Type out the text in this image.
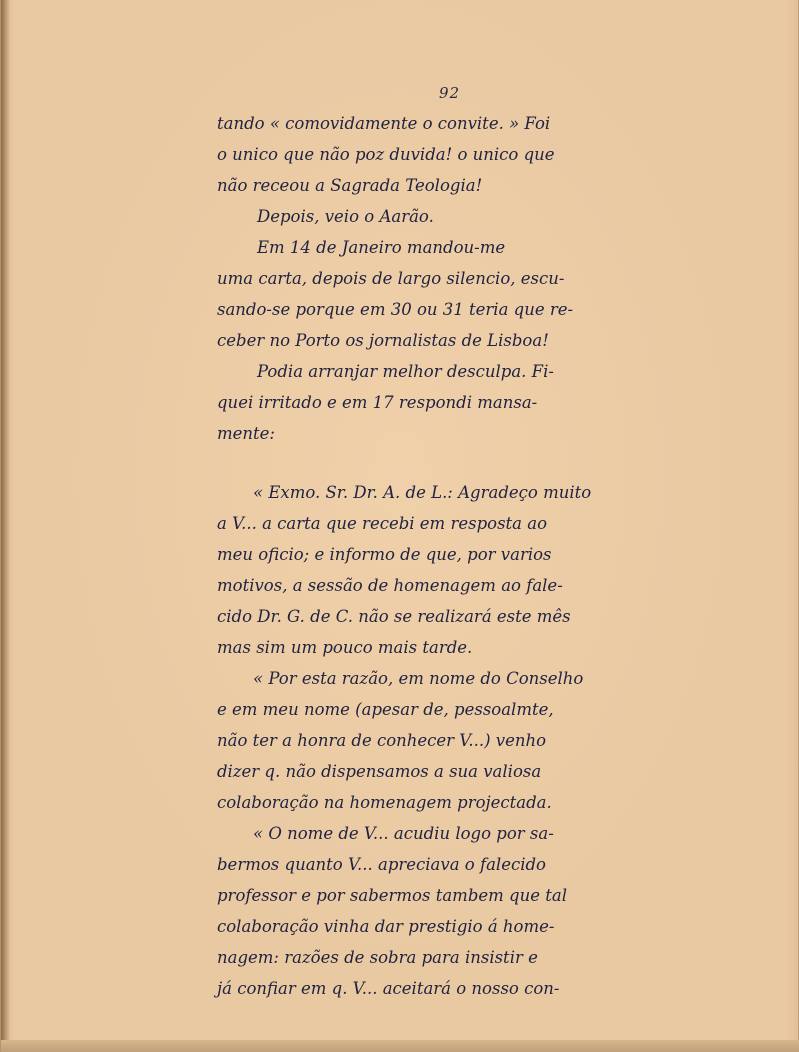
92
tando « comovidamente o convite. » Foi
o unico que não poz duvida! o unico que
não receou a Sagrada Teologia!
Depois, veio o Aarão.
Em 14 de Janeiro mandou-me
uma carta, depois de largo silencio, escu-
sando-se porque em 30 ou 31 teria que re-
ceber no Porto os jornalistas de Lisboa!
Podia arranjar melhor desculpa. Fi-
quei irritado e em 17 respondi mansa-
mente:
« Exmo. Sr. Dr. A. de L.: Agradeço muito
a V... a carta que recebi em resposta ao
meu oficio; e informo de que, por varios
motivos, a sessão de homenagem ao fale-
cido Dr. G. de C. não se realizará este mês
mas sim um pouco mais tarde.
« Por esta razão, em nome do Conselho
e em meu nome (apesar de, pessoalmte,
não ter a honra de conhecer V...) venho
dizer q. não dispensamos a sua valiosa
colaboração na homenagem projectada.
« O nome de V... acudiu logo por sa-
bermos quanto V... apreciava o falecido
professor e por sabermos tambem que tal
colaboração vinha dar prestigio á home-
nagem: razões de sobra para insistir e
já confiar em q. V... aceitará o nosso con-
